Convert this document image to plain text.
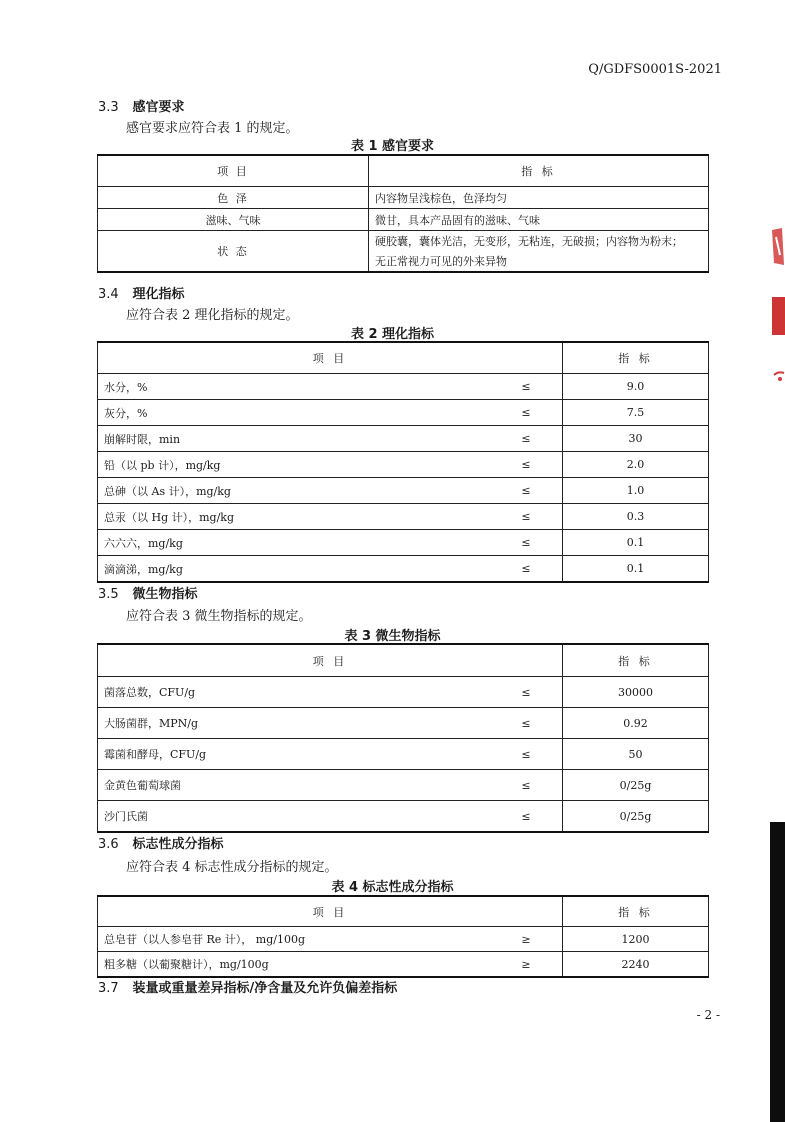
Q/GDFS0001S-2021
3.3 感官要求
感官要求应符合表 1 的规定。
表 1 感官要求
项 目	指 标
色 泽	内容物呈浅棕色，色泽均匀
滋味、气味	微甘，具本产品固有的滋味、气味
状 态	硬胶囊，囊体光洁，无变形，无粘连，无破损；内容物为粉末；
	无正常视力可见的外来异物
3.4 理化指标
应符合表 2 理化指标的规定。
表 2 理化指标
项 目		指 标
水分，%	≤	9.0
灰分，%	≤	7.5
崩解时限，min	≤	30
铅（以 pb 计），mg/kg	≤	2.0
总砷（以 As 计），mg/kg	≤	1.0
总汞（以 Hg 计），mg/kg	≤	0.3
六六六，mg/kg	≤	0.1
滴滴涕，mg/kg	≤	0.1
3.5 微生物指标
应符合表 3 微生物指标的规定。
表 3 微生物指标
项 目		指 标
菌落总数，CFU/g	≤	30000
大肠菌群，MPN/g	≤	0.92
霉菌和酵母，CFU/g	≤	50
金黄色葡萄球菌	≤	0/25g
沙门氏菌	≤	0/25g
3.6 标志性成分指标
应符合表 4 标志性成分指标的规定。
表 4 标志性成分指标
项 目		指 标
总皂苷（以人参皂苷 Re 计）， mg/100g	≥	1200
粗多糖（以葡聚糖计），mg/100g	≥	2240
3.7 装量或重量差异指标/净含量及允许负偏差指标
- 2 -
